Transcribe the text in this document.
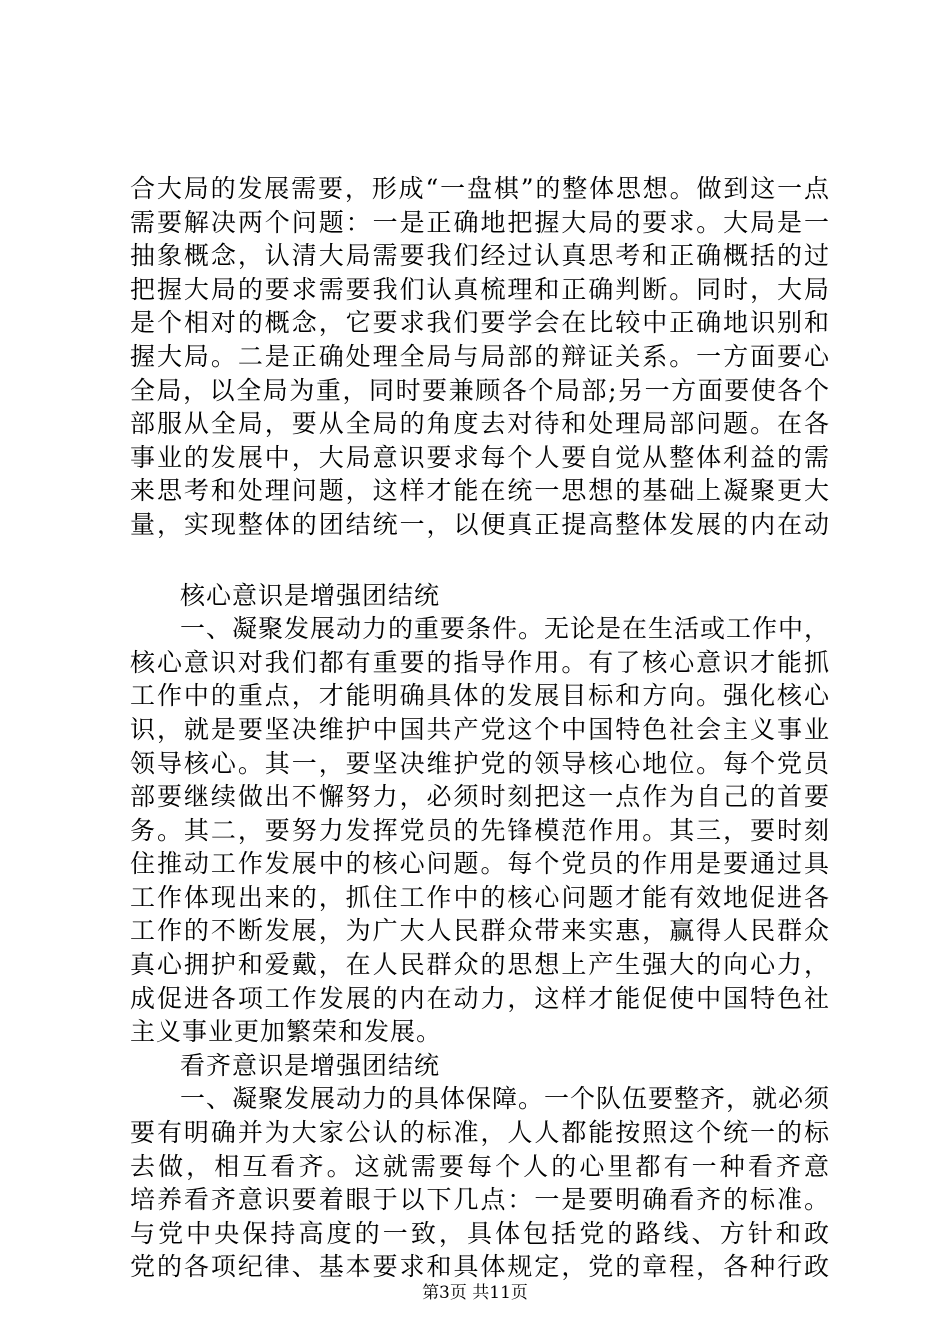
合大局的发展需要，形成“一盘棋”的整体思想。做到这一点
需要解决两个问题：一是正确地把握大局的要求。大局是一
抽象概念，认清大局需要我们经过认真思考和正确概括的过
把握大局的要求需要我们认真梳理和正确判断。同时，大局
是个相对的概念，它要求我们要学会在比较中正确地识别和
握大局。二是正确处理全局与局部的辩证关系。一方面要心
全局，以全局为重，同时要兼顾各个局部;另一方面要使各个
部服从全局，要从全局的角度去对待和处理局部问题。在各
事业的发展中，大局意识要求每个人要自觉从整体利益的需
来思考和处理问题，这样才能在统一思想的基础上凝聚更大
量，实现整体的团结统一，以便真正提高整体发展的内在动
核心意识是增强团结统
一、凝聚发展动力的重要条件。无论是在生活或工作中，
核心意识对我们都有重要的指导作用。有了核心意识才能抓
工作中的重点，才能明确具体的发展目标和方向。强化核心
识，就是要坚决维护中国共产党这个中国特色社会主义事业
领导核心。其一，要坚决维护党的领导核心地位。每个党员
部要继续做出不懈努力，必须时刻把这一点作为自己的首要
务。其二，要努力发挥党员的先锋模范作用。其三，要时刻
住推动工作发展中的核心问题。每个党员的作用是要通过具
工作体现出来的，抓住工作中的核心问题才能有效地促进各
工作的不断发展，为广大人民群众带来实惠，赢得人民群众
真心拥护和爱戴，在人民群众的思想上产生强大的向心力，
成促进各项工作发展的内在动力，这样才能促使中国特色社
主义事业更加繁荣和发展。
看齐意识是增强团结统
一、凝聚发展动力的具体保障。一个队伍要整齐，就必须
要有明确并为大家公认的标准，人人都能按照这个统一的标
去做，相互看齐。这就需要每个人的心里都有一种看齐意
培养看齐意识要着眼于以下几点：一是要明确看齐的标准。
与党中央保持高度的一致，具体包括党的路线、方针和政
党的各项纪律、基本要求和具体规定，党的章程，各种行政
第3页 共11页
